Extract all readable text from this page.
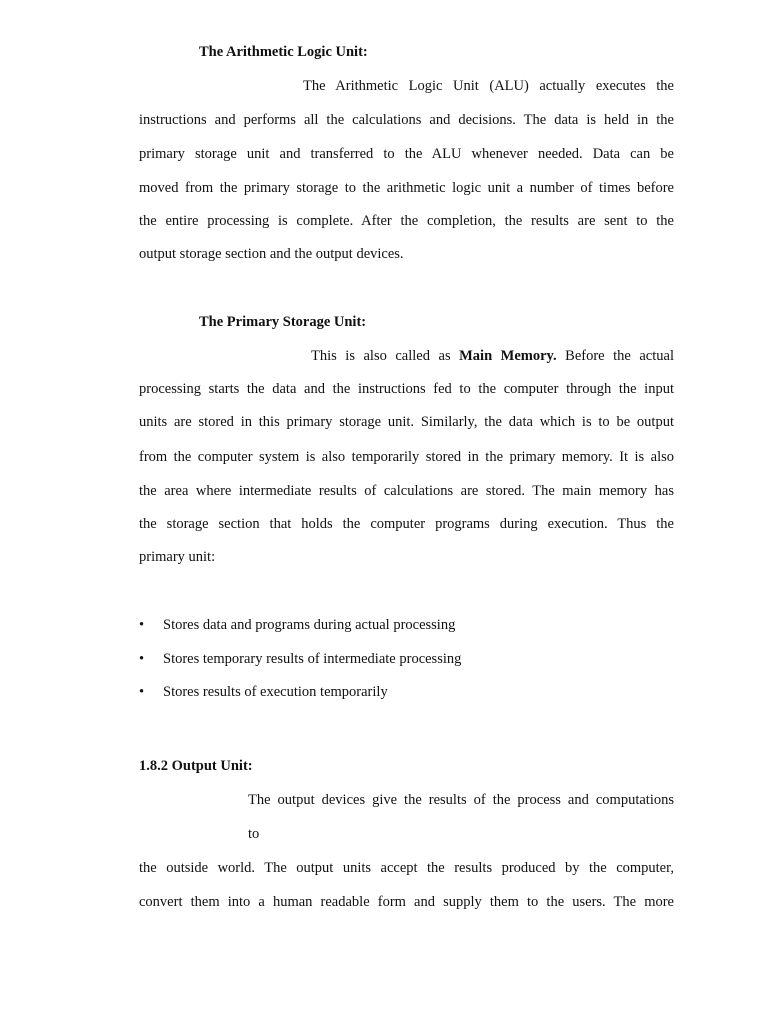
The Arithmetic Logic Unit:
The Arithmetic Logic Unit (ALU) actually executes the
instructions and performs all the calculations and decisions. The data is held in the
primary storage unit and transferred to the ALU whenever needed. Data can be
moved from the primary storage to the arithmetic logic unit a number of times before
the entire processing is complete. After the completion, the results are sent to the
output storage section and the output devices.
The Primary Storage Unit:
This is also called as Main Memory. Before the actual
processing starts the data and the instructions fed to the computer through the input
units are stored in this primary storage unit. Similarly, the data which is to be output
from the computer system is also temporarily stored in the primary memory. It is also
the area where intermediate results of calculations are stored. The main memory has
the storage section that holds the computer programs during execution. Thus the
primary unit:
•	Stores data and programs during actual processing
•	Stores temporary results of intermediate processing
•	Stores results of execution temporarily
1.8.2 Output Unit:
The output devices give the results of the process and computations
to
the outside world. The output units accept the results produced by the computer,
convert them into a human readable form and supply them to the users. The more
